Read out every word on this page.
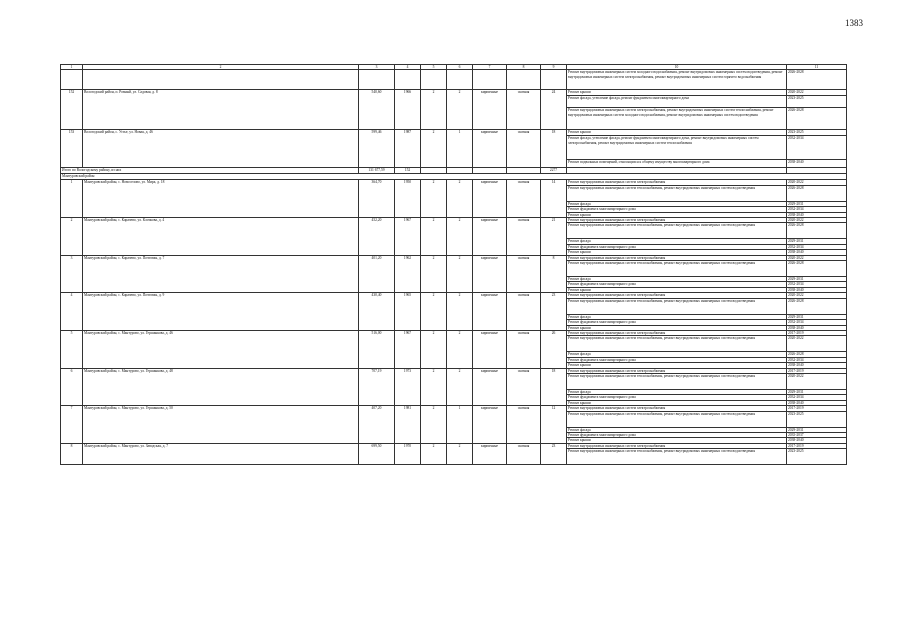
1383
1	2	3	4	5	6	7	8	9	10	11
									Ремонт внутридомовых инженерных систем холодного водоснабжения, ремонт внутридомовых инженерных систем водоотведения, ремонт внутридомовых инженерных систем электроснабжения, ремонт внутридомовых инженерных систем горячего водоснабжения	2026-2028
152	Вологодский район, п. Ровный, ул. Садовая, д. 8	540,60	1966	2	2	кирпичные	скатная	24	Ремонт крыши	2020-2022
									Ремонт фасада, утепление фасада, ремонт фундамента многоквартирного дома	2023-2025
									Ремонт внутридомовых инженерных систем электроснабжения, ремонт внутридомовых инженерных систем теплоснабжения, ремонт внутридомовых инженерных систем холодного водоснабжения, ремонт внутридомовых инженерных систем водоотведения	2026-2028
153	Вологодский район, с. Устье, ул. Новая, д. 46	599,46	1987	2	1	кирпичные	скатная	18	Ремонт крыши	2023-2025
									Ремонт фасада, утепление фасада, ремонт фундамента многоквартирного дома, ремонт внутридомовых инженерных систем электроснабжения, ремонт внутридомовых инженерных систем теплоснабжения	2032-2034
									Ремонт подвальных помещений, относящихся к общему имуществу многоквартирного дома	2038-2040
Итого по Вологодскому району, из них		131 677,59	152					2277		
Мантуровский район										
1	Мантуровский район, с. Новоселово, ул. Мира, д. 18	364,70	1950	2	2	кирпичные	скатная	14	Ремонт внутридомовых инженерных систем электроснабжения	2020-2022
									Ремонт внутридомовых инженерных систем теплоснабжения, ремонт внутридомовых инженерных систем водоотведения	2026-2028
									Ремонт фасада	2029-2031
									Ремонт фундамента многоквартирного дома	2032-2034
									Ремонт крыши	2038-2040
2	Мантуровский район, с. Карачево, ул. Клочкова, д. 4	452,20	1967	2	2	кирпичные	скатная	21	Ремонт внутридомовых инженерных систем электроснабжения	2020-2022
									Ремонт внутридомовых инженерных систем теплоснабжения, ремонт внутридомовых инженерных систем водоотведения	2026-2028
									Ремонт фасада	2029-2031
									Ремонт фундамента многоквартирного дома	2032-2034
									Ремонт крыши	2038-2040
3	Мантуровский район, с. Карачево, ул. Почтовая, д. 7	401,20	1962	2	2	кирпичные	скатная	8	Ремонт внутридомовых инженерных систем электроснабжения	2020-2022
									Ремонт внутридомовых инженерных систем теплоснабжения, ремонт внутридомовых инженерных систем водоотведения	2026-2028
									Ремонт фасада	2029-2031
									Ремонт фундамента многоквартирного дома	2032-2034
									Ремонт крыши	2038-2040
4	Мантуровский район, с. Карачево, ул. Почтовая, д. 9	430,40	1965	2	2	кирпичные	скатная	23	Ремонт внутридомовых инженерных систем электроснабжения	2020-2022
									Ремонт внутридомовых инженерных систем теплоснабжения, ремонт внутридомовых инженерных систем водоотведения	2026-2028
									Ремонт фасада	2029-2031
									Ремонт фундамента многоквартирного дома	2032-2034
									Ремонт крыши	2038-2040
5	Мантуровский район, с. Мантурово, ул. Гершанкова, д. 46	516,00	1967	2	2	кирпичные	скатная	26	Ремонт внутридомовых инженерных систем электроснабжения	2017-2019
									Ремонт внутридомовых инженерных систем теплоснабжения, ремонт внутридомовых инженерных систем водоотведения	2020-2022
									Ремонт фасада	2026-2028
									Ремонт фундамента многоквартирного дома	2032-2034
									Ремонт крыши	2038-2040
6	Мантуровский район, с. Мантурово, ул. Гершанкова, д. 48	707,19	1973	2	2	кирпичные	скатная	18	Ремонт внутридомовых инженерных систем электроснабжения	2017-2019
									Ремонт внутридомовых инженерных систем теплоснабжения, ремонт внутридомовых инженерных систем водоотведения	2020-2022
									Ремонт фасада	2029-2031
									Ремонт фундамента многоквартирного дома	2032-2034
									Ремонт крыши	2038-2040
7	Мантуровский район, с. Мантурово, ул. Гершанкова, д. 50	407,20	1981	2	1	кирпичные	скатная	12	Ремонт внутридомовых инженерных систем электроснабжения	2017-2019
									Ремонт внутридомовых инженерных систем теплоснабжения, ремонт внутридомовых инженерных систем водоотведения	2023-2025
									Ремонт фасада	2029-2031
									Ремонт фундамента многоквартирного дома	2035-2037
									Ремонт крыши	2038-2040
8	Мантуровский район, с. Мантурово, ул. Заводская, д. 7	699,50	1970	2	2	кирпичные	скатная	23	Ремонт внутридомовых инженерных систем электроснабжения	2017-2019
									Ремонт внутридомовых инженерных систем теплоснабжения, ремонт внутридомовых инженерных систем водоотведения	2023-2025
